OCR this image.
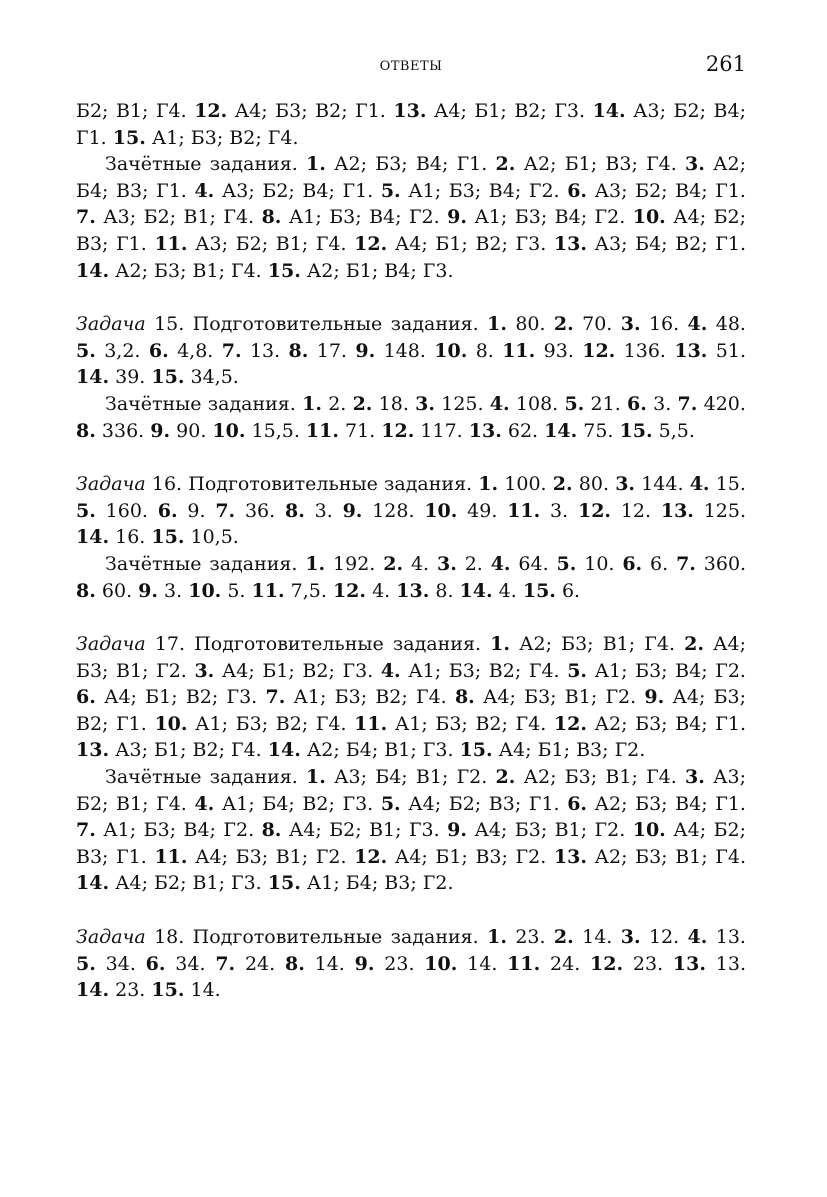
ОТВЕТЫ	261

Б2; В1; Г4. 12. А4; Б3; В2; Г1. 13. А4; Б1; В2; Г3. 14. А3; Б2; В4; Г1. 15. А1; Б3; В2; Г4.

Зачётные задания. 1. А2; Б3; В4; Г1. 2. А2; Б1; В3; Г4. 3. А2; Б4; В3; Г1. 4. А3; Б2; В4; Г1. 5. А1; Б3; В4; Г2. 6. А3; Б2; В4; Г1. 7. А3; Б2; В1; Г4. 8. А1; Б3; В4; Г2. 9. А1; Б3; В4; Г2. 10. А4; Б2; В3; Г1. 11. А3; Б2; В1; Г4. 12. А4; Б1; В2; Г3. 13. А3; Б4; В2; Г1. 14. А2; Б3; В1; Г4. 15. А2; Б1; В4; Г3.

Задача 15. Подготовительные задания. 1. 80. 2. 70. 3. 16. 4. 48. 5. 3,2. 6. 4,8. 7. 13. 8. 17. 9. 148. 10. 8. 11. 93. 12. 136. 13. 51. 14. 39. 15. 34,5.

Зачётные задания. 1. 2. 2. 18. 3. 125. 4. 108. 5. 21. 6. 3. 7. 420. 8. 336. 9. 90. 10. 15,5. 11. 71. 12. 117. 13. 62. 14. 75. 15. 5,5.

Задача 16. Подготовительные задания. 1. 100. 2. 80. 3. 144. 4. 15. 5. 160. 6. 9. 7. 36. 8. 3. 9. 128. 10. 49. 11. 3. 12. 12. 13. 125. 14. 16. 15. 10,5.

Зачётные задания. 1. 192. 2. 4. 3. 2. 4. 64. 5. 10. 6. 6. 7. 360. 8. 60. 9. 3. 10. 5. 11. 7,5. 12. 4. 13. 8. 14. 4. 15. 6.

Задача 17. Подготовительные задания. 1. А2; Б3; В1; Г4. 2. А4; Б3; В1; Г2. 3. А4; Б1; В2; Г3. 4. А1; Б3; В2; Г4. 5. А1; Б3; В4; Г2. 6. А4; Б1; В2; Г3. 7. А1; Б3; В2; Г4. 8. А4; Б3; В1; Г2. 9. А4; Б3; В2; Г1. 10. А1; Б3; В2; Г4. 11. А1; Б3; В2; Г4. 12. А2; Б3; В4; Г1. 13. А3; Б1; В2; Г4. 14. А2; Б4; В1; Г3. 15. А4; Б1; В3; Г2.

Зачётные задания. 1. А3; Б4; В1; Г2. 2. А2; Б3; В1; Г4. 3. А3; Б2; В1; Г4. 4. А1; Б4; В2; Г3. 5. А4; Б2; В3; Г1. 6. А2; Б3; В4; Г1. 7. А1; Б3; В4; Г2. 8. А4; Б2; В1; Г3. 9. А4; Б3; В1; Г2. 10. А4; Б2; В3; Г1. 11. А4; Б3; В1; Г2. 12. А4; Б1; В3; Г2. 13. А2; Б3; В1; Г4. 14. А4; Б2; В1; Г3. 15. А1; Б4; В3; Г2.

Задача 18. Подготовительные задания. 1. 23. 2. 14. 3. 12. 4. 13. 5. 34. 6. 34. 7. 24. 8. 14. 9. 23. 10. 14. 11. 24. 12. 23. 13. 13. 14. 23. 15. 14.
